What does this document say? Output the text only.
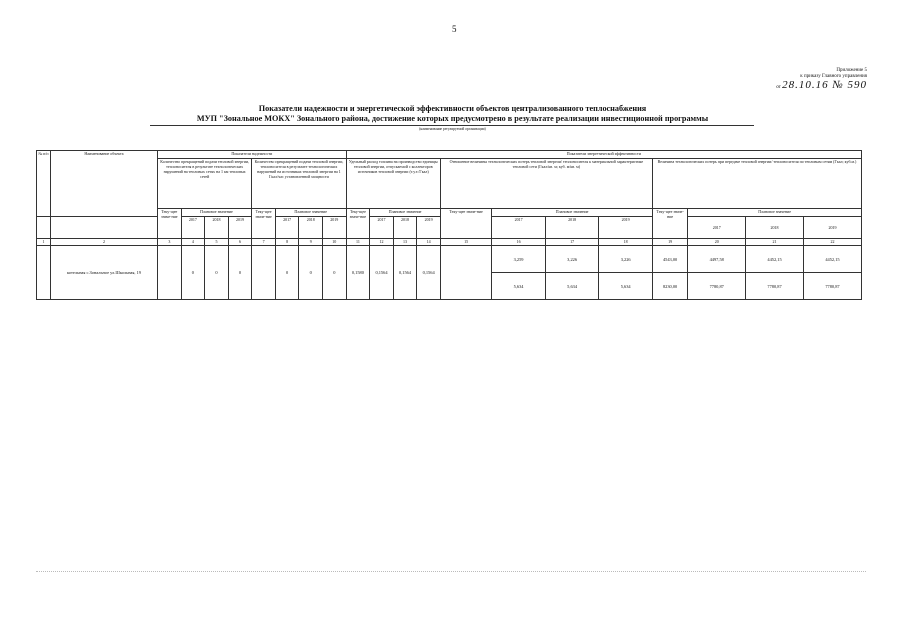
5
Приложение 5
к приказу Главного управления
от 28.10.16 № 590
Показатели надежности и энергетической эффективности объектов централизованного теплоснабжения
МУП "Зональное МОКХ" Зонального района, достижение которых предусмотрено в результате реализации инвестиционной программы
(наименование регулируемой организации)
№ п/п	Наименование объекта	Показатели надежности								Показатели энергетической эффективности											
		Количество прекращений подачи тепловой энергии, теплоносителя в результате технологических нарушений на тепловых сетях на 1 км тепловых сетей				Количество прекращений подачи тепловой энергии, теплоносителя в результате технологических нарушений на источниках тепловой энергии на 1 Гкал/час установленной мощности				Удельный расход топлива на производство единицы тепловой энергии, отпускаемой с коллекторов источников тепловой энергии (т.у.т./Гкал)				Отношение величины технологических потерь тепловой энергии/ теплоносителя к материальной характеристике тепловой сети (Гкал/кв. м; куб. м/кв. м)				Величина технологических потерь при передаче тепловой энергии/ теплоносителя по тепловым сетям (Гкал; куб.м.)			
		Теку-щее значе-ние	Плановое значение			Теку-щее значе-ние	Плановое значение			Теку-щее значе-ние	Плановое значение			Теку-щее значе-ние	Плановое значение			Теку-щее значе-ние	Плановое значение		
			2017	2018	2019		2017	2018	2019		2017	2018	2019		2017	2018	2019		2017	2018	2019
1	2	3	4	5	6	7	8	9	10	11	12	13	14	15	16	17	18	19	20	21	22
	котельная с.Зональное ул.Школьная, 19		0	0	0		0	0	0	0,1580	0,1564	0,1564	0,1564		3,259	3,226	3,226	4543,00	4497,58	4452,15	4452,15
															5,634	5,634	5,634	8230,00	7780,87	7780,87	7780,87
